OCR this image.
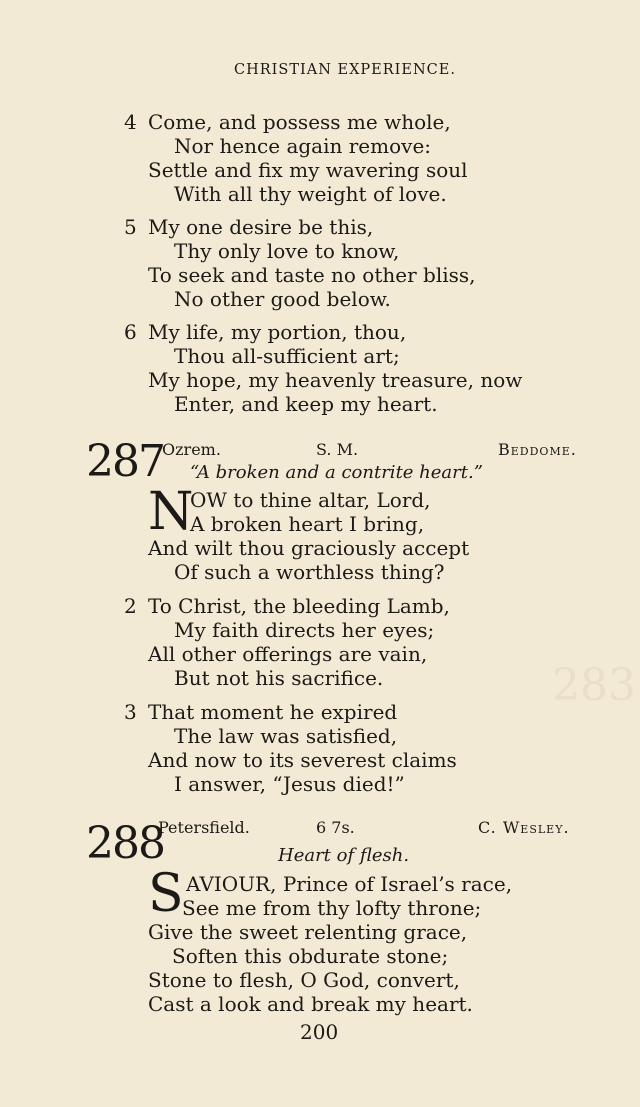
283
CHRISTIAN EXPERIENCE.
4 Come, and possess me whole,
Nor hence again remove:
Settle and fix my wavering soul
With all thy weight of love.
5 My one desire be this,
Thy only love to know,
To seek and taste no other bliss,
No other good below.
6 My life, my portion, thou,
Thou all-sufficient art;
My hope, my heavenly treasure, now
Enter, and keep my heart.
287
Ozrem.	S. M.	Beddome.
“A broken and a contrite heart.”
N
OW to thine altar, Lord,
A broken heart I bring,
And wilt thou graciously accept
Of such a worthless thing?
2 To Christ, the bleeding Lamb,
My faith directs her eyes;
All other offerings are vain,
But not his sacrifice.
3 That moment he expired
The law was satisfied,
And now to its severest claims
I answer, “Jesus died!”
288
Petersfield.	6 7s.	C. Wesley.
Heart of flesh.
S AVIOUR, Prince of Israel’s race,
See me from thy lofty throne;
Give the sweet relenting grace,
Soften this obdurate stone;
Stone to flesh, O God, convert,
Cast a look and break my heart.
200
